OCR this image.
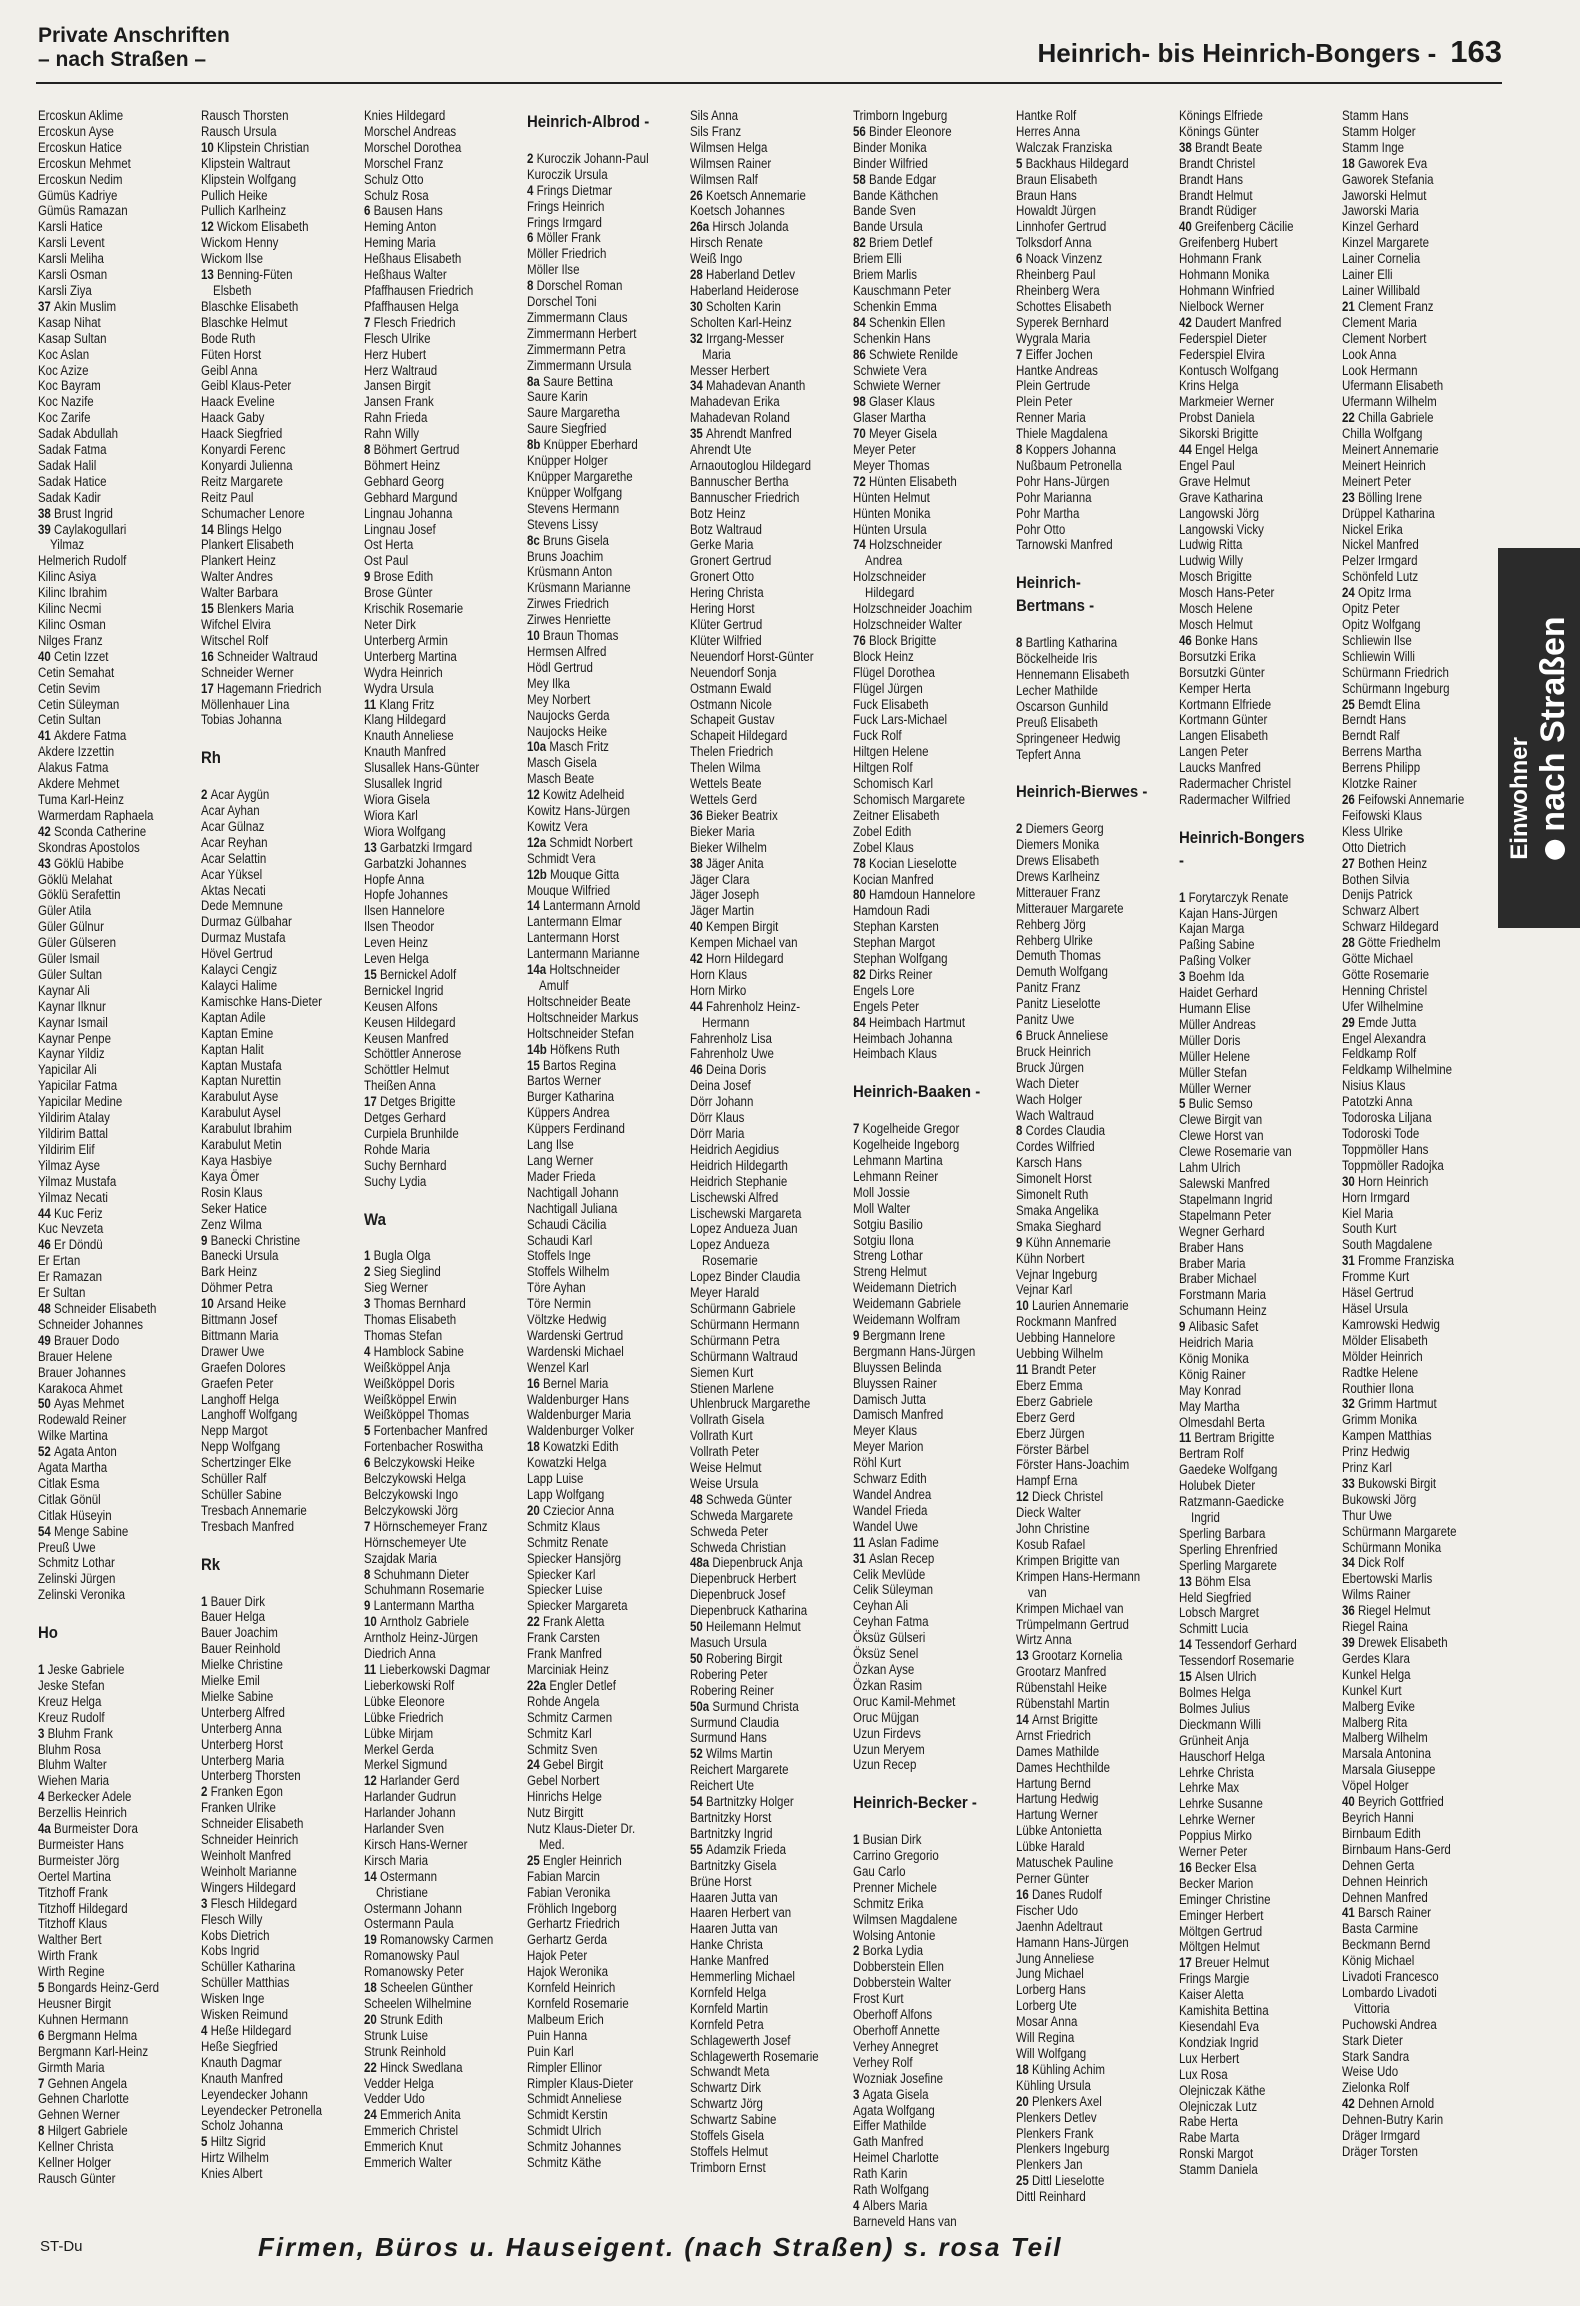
Private Anschriften
– nach Straßen –	Heinrich- bis Heinrich-Bongers - 163
Ercoskun Aklime
Ercoskun Ayse
Ercoskun Hatice
Ercoskun Mehmet
Ercoskun Nedim
Gümüs Kadriye
Gümüs Ramazan
Karsli Hatice
Karsli Levent
Karsli Meliha
Karsli Osman
Karsli Ziya
37 Akin Muslim
Kasap Nihat
Kasap Sultan
Koc Aslan
Koc Azize
Koc Bayram
Koc Nazife
Koc Zarife
Sadak Abdullah
Sadak Fatma
Sadak Halil
Sadak Hatice
Sadak Kadir
38 Brust Ingrid
39 Caylakogullari
Yilmaz
Helmerich Rudolf
Kilinc Asiya
Kilinc Ibrahim
Kilinc Necmi
Kilinc Osman
Nilges Franz
40 Cetin Izzet
Cetin Semahat
Cetin Sevim
Cetin Süleyman
Cetin Sultan
41 Akdere Fatma
Akdere Izzettin
Alakus Fatma
Akdere Mehmet
Tuma Karl-Heinz
Warmerdam Raphaela
42 Sconda Catherine
Skondras Apostolos
43 Göklü Habibe
Göklü Melahat
Göklü Serafettin
Güler Atila
Güler Gülnur
Güler Gülseren
Güler Ismail
Güler Sultan
Kaynar Ali
Kaynar Ilknur
Kaynar Ismail
Kaynar Penpe
Kaynar Yildiz
Yapicilar Ali
Yapicilar Fatma
Yapicilar Medine
Yildirim Atalay
Yildirim Battal
Yildirim Elif
Yilmaz Ayse
Yilmaz Mustafa
Yilmaz Necati
44 Kuc Feriz
Kuc Nevzeta
46 Er Döndü
Er Ertan
Er Ramazan
Er Sultan
48 Schneider Elisabeth
Schneider Johannes
49 Brauer Dodo
Brauer Helene
Brauer Johannes
Karakoca Ahmet
50 Ayas Mehmet
Rodewald Reiner
Wilke Martina
52 Agata Anton
Agata Martha
Citlak Esma
Citlak Gönül
Citlak Hüseyin
54 Menge Sabine
Preuß Uwe
Schmitz Lothar
Zelinski Jürgen
Zelinski Veronika
Ho
1 Jeske Gabriele
Jeske Stefan
Kreuz Helga
Kreuz Rudolf
3 Bluhm Frank
Bluhm Rosa
Bluhm Walter
Wiehen Maria
4 Berkecker Adele
Berzellis Heinrich
4a Burmeister Dora
Burmeister Hans
Burmeister Jörg
Oertel Martina
Titzhoff Frank
Titzhoff Hildegard
Titzhoff Klaus
Walther Bert
Wirth Frank
Wirth Regine
5 Bongards Heinz-Gerd
Heusner Birgit
Kuhnen Hermann
6 Bergmann Helma
Bergmann Karl-Heinz
Girmth Maria
7 Gehnen Angela
Gehnen Charlotte
Gehnen Werner
8 Hilgert Gabriele
Kellner Christa
Kellner Holger
Rausch Günter
Rausch Thorsten
Rausch Ursula
10 Klipstein Christian
Klipstein Waltraut
Klipstein Wolfgang
Pullich Heike
Pullich Karlheinz
12 Wickom Elisabeth
Wickom Henny
Wickom Ilse
13 Benning-Füten
Elsbeth
Blaschke Elisabeth
Blaschke Helmut
Bode Ruth
Füten Horst
Geibl Anna
Geibl Klaus-Peter
Haack Eveline
Haack Gaby
Haack Siegfried
Konyardi Ferenc
Konyardi Julienna
Reitz Margarete
Reitz Paul
Schumacher Lenore
14 Blings Helgo
Plankert Elisabeth
Plankert Heinz
Walter Andres
Walter Barbara
15 Blenkers Maria
Wifchel Elvira
Witschel Rolf
16 Schneider Waltraud
Schneider Werner
17 Hagemann Friedrich
Möllenhauer Lina
Tobias Johanna
Rh
2 Acar Aygün
Acar Ayhan
Acar Gülnaz
Acar Reyhan
Acar Selattin
Acar Yüksel
Aktas Necati
Dede Memnune
Durmaz Gülbahar
Durmaz Mustafa
Hövel Gertrud
Kalayci Cengiz
Kalayci Halime
Kamischke Hans-Dieter
Kaptan Adile
Kaptan Emine
Kaptan Halit
Kaptan Mustafa
Kaptan Nurettin
Karabulut Ayse
Karabulut Aysel
Karabulut Ibrahim
Karabulut Metin
Kaya Hasbiye
Kaya Ömer
Rosin Klaus
Seker Hatice
Zenz Wilma
9 Banecki Christine
Banecki Ursula
Bark Heinz
Döhmer Petra
10 Arsand Heike
Bittmann Josef
Bittmann Maria
Drawer Uwe
Graefen Dolores
Graefen Peter
Langhoff Helga
Langhoff Wolfgang
Nepp Margot
Nepp Wolfgang
Schertzinger Elke
Schüller Ralf
Schüller Sabine
Tresbach Annemarie
Tresbach Manfred
Rk
1 Bauer Dirk
Bauer Helga
Bauer Joachim
Bauer Reinhold
Mielke Christine
Mielke Emil
Mielke Sabine
Unterberg Alfred
Unterberg Anna
Unterberg Horst
Unterberg Maria
Unterberg Thorsten
2 Franken Egon
Franken Ulrike
Schneider Elisabeth
Schneider Heinrich
Weinholt Manfred
Weinholt Marianne
Wingers Hildegard
3 Flesch Hildegard
Flesch Willy
Kobs Dietrich
Kobs Ingrid
Schüller Katharina
Schüller Matthias
Wisken Inge
Wisken Reimund
4 Heße Hildegard
Heße Siegfried
Knauth Dagmar
Knauth Manfred
Leyendecker Johann
Leyendecker Petronella
Scholz Johanna
5 Hiltz Sigrid
Hirtz Wilhelm
Knies Albert
Knies Hildegard
Morschel Andreas
Morschel Dorothea
Morschel Franz
Schulz Otto
Schulz Rosa
6 Bausen Hans
Heming Anton
Heming Maria
Heßhaus Elisabeth
Heßhaus Walter
Pfaffhausen Friedrich
Pfaffhausen Helga
7 Flesch Friedrich
Flesch Ulrike
Herz Hubert
Herz Waltraud
Jansen Birgit
Jansen Frank
Rahn Frieda
Rahn Willy
8 Böhmert Gertrud
Böhmert Heinz
Gebhard Georg
Gebhard Margund
Lingnau Johanna
Lingnau Josef
Ost Herta
Ost Paul
9 Brose Edith
Brose Günter
Krischik Rosemarie
Neter Dirk
Unterberg Armin
Unterberg Martina
Wydra Heinrich
Wydra Ursula
11 Klang Fritz
Klang Hildegard
Knauth Anneliese
Knauth Manfred
Slusallek Hans-Günter
Slusallek Ingrid
Wiora Gisela
Wiora Karl
Wiora Wolfgang
13 Garbatzki Irmgard
Garbatzki Johannes
Hopfe Anna
Hopfe Johannes
Ilsen Hannelore
Ilsen Theodor
Leven Heinz
Leven Helga
15 Bernickel Adolf
Bernickel Ingrid
Keusen Alfons
Keusen Hildegard
Keusen Manfred
Schöttler Annerose
Schöttler Helmut
Theißen Anna
17 Detges Brigitte
Detges Gerhard
Curpiela Brunhilde
Rohde Maria
Suchy Bernhard
Suchy Lydia
Wa
1 Bugla Olga
2 Sieg Sieglind
Sieg Werner
3 Thomas Bernhard
Thomas Elisabeth
Thomas Stefan
4 Hamblock Sabine
Weißköppel Anja
Weißköppel Doris
Weißköppel Erwin
Weißköppel Thomas
5 Fortenbacher Manfred
Fortenbacher Roswitha
6 Belczykowski Heike
Belczykowski Helga
Belczykowski Ingo
Belczykowski Jörg
7 Hörnschemeyer Franz
Hörnschemeyer Ute
Szajdak Maria
8 Schuhmann Dieter
Schuhmann Rosemarie
9 Lantermann Martha
10 Arntholz Gabriele
Arntholz Heinz-Jürgen
Diedrich Anna
11 Lieberkowski Dagmar
Lieberkowski Rolf
Lübke Eleonore
Lübke Friedrich
Lübke Mirjam
Merkel Gerda
Merkel Sigmund
12 Harlander Gerd
Harlander Gudrun
Harlander Johann
Harlander Sven
Kirsch Hans-Werner
Kirsch Maria
14 Ostermann
Christiane
Ostermann Johann
Ostermann Paula
19 Romanowsky Carmen
Romanowsky Paul
Romanowsky Peter
18 Scheelen Günther
Scheelen Wilhelmine
20 Strunk Edith
Strunk Luise
Strunk Reinhold
22 Hinck Swedlana
Vedder Helga
Vedder Udo
24 Emmerich Anita
Emmerich Christel
Emmerich Knut
Emmerich Walter
Heinrich-Albrod -
2 Kuroczik Johann-Paul
Kuroczik Ursula
4 Frings Dietmar
Frings Heinrich
Frings Irmgard
6 Möller Frank
Möller Friedrich
Möller Ilse
8 Dorschel Roman
Dorschel Toni
Zimmermann Claus
Zimmermann Herbert
Zimmermann Petra
Zimmermann Ursula
8a Saure Bettina
Saure Karin
Saure Margaretha
Saure Siegfried
8b Knüpper Eberhard
Knüpper Holger
Knüpper Margarethe
Knüpper Wolfgang
Stevens Hermann
Stevens Lissy
8c Bruns Gisela
Bruns Joachim
Krüsmann Anton
Krüsmann Marianne
Zirwes Friedrich
Zirwes Henriette
10 Braun Thomas
Hermsen Alfred
Hödl Gertrud
Mey Ilka
Mey Norbert
Naujocks Gerda
Naujocks Heike
10a Masch Fritz
Masch Gisela
Masch Beate
12 Kowitz Adelheid
Kowitz Hans-Jürgen
Kowitz Vera
12a Schmidt Norbert
Schmidt Vera
12b Mouque Gitta
Mouque Wilfried
14 Lantermann Arnold
Lantermann Elmar
Lantermann Horst
Lantermann Marianne
14a Holtschneider
Amulf
Holtschneider Beate
Holtschneider Markus
Holtschneider Stefan
14b Höfkens Ruth
15 Bartos Regina
Bartos Werner
Burger Katharina
Küppers Andrea
Küppers Ferdinand
Lang Ilse
Lang Werner
Mader Frieda
Nachtigall Johann
Nachtigall Juliana
Schaudi Cäcilia
Schaudi Karl
Stoffels Inge
Stoffels Wilhelm
Töre Ayhan
Töre Nermin
Völtzke Hedwig
Wardenski Gertrud
Wardenski Michael
Wenzel Karl
16 Bernel Maria
Waldenburger Hans
Waldenburger Maria
Waldenburger Volker
18 Kowatzki Edith
Kowatzki Helga
Lapp Luise
Lapp Wolfgang
20 Cziecior Anna
Schmitz Klaus
Schmitz Renate
Spiecker Hansjörg
Spiecker Karl
Spiecker Luise
Spiecker Margareta
22 Frank Aletta
Frank Carsten
Frank Manfred
Marciniak Heinz
22a Engler Detlef
Rohde Angela
Schmitz Carmen
Schmitz Karl
Schmitz Sven
24 Gebel Birgit
Gebel Norbert
Hinrichs Helge
Nutz Birgitt
Nutz Klaus-Dieter Dr.
Med.
25 Engler Heinrich
Fabian Marcin
Fabian Veronika
Fröhlich Ingeborg
Gerhartz Friedrich
Gerhartz Gerda
Hajok Peter
Hajok Weronika
Kornfeld Heinrich
Kornfeld Rosemarie
Malbeum Erich
Puin Hanna
Puin Karl
Rimpler Ellinor
Rimpler Klaus-Dieter
Schmidt Anneliese
Schmidt Kerstin
Schmidt Ulrich
Schmitz Johannes
Schmitz Käthe
Sils Anna
Sils Franz
Wilmsen Helga
Wilmsen Rainer
Wilmsen Ralf
26 Koetsch Annemarie
Koetsch Johannes
26a Hirsch Jolanda
Hirsch Renate
Weiß Ingo
28 Haberland Detlev
Haberland Heiderose
30 Scholten Karin
Scholten Karl-Heinz
32 Irrgang-Messer
Maria
Messer Herbert
34 Mahadevan Ananth
Mahadevan Erika
Mahadevan Roland
35 Ahrendt Manfred
Ahrendt Ute
Arnaoutoglou Hildegard
Bannuscher Bertha
Bannuscher Friedrich
Botz Heinz
Botz Waltraud
Gerke Maria
Gronert Gertrud
Gronert Otto
Hering Christa
Hering Horst
Klüter Gertrud
Klüter Wilfried
Neuendorf Horst-Günter
Neuendorf Sonja
Ostmann Ewald
Ostmann Nicole
Schapeit Gustav
Schapeit Hildegard
Thelen Friedrich
Thelen Wilma
Wettels Beate
Wettels Gerd
36 Bieker Beatrix
Bieker Maria
Bieker Wilhelm
38 Jäger Anita
Jäger Clara
Jäger Joseph
Jäger Martin
40 Kempen Birgit
Kempen Michael van
42 Horn Hildegard
Horn Klaus
Horn Mirko
44 Fahrenholz Heinz-
Hermann
Fahrenholz Lisa
Fahrenholz Uwe
46 Deina Doris
Deina Josef
Dörr Johann
Dörr Klaus
Dörr Maria
Heidrich Aegidius
Heidrich Hildegarth
Heidrich Stephanie
Lischewski Alfred
Lischewski Margareta
Lopez Andueza Juan
Lopez Andueza
Rosemarie
Lopez Binder Claudia
Meyer Harald
Schürmann Gabriele
Schürmann Hermann
Schürmann Petra
Schürmann Waltraud
Siemen Kurt
Stienen Marlene
Uhlenbruck Margarethe
Vollrath Gisela
Vollrath Kurt
Vollrath Peter
Weise Helmut
Weise Ursula
48 Schweda Günter
Schweda Margarete
Schweda Peter
Schweda Christian
48a Diepenbruck Anja
Diepenbruck Herbert
Diepenbruck Josef
Diepenbruck Katharina
50 Heilemann Helmut
Masuch Ursula
50 Robering Birgit
Robering Peter
Robering Reiner
50a Surmund Christa
Surmund Claudia
Surmund Hans
52 Wilms Martin
Reichert Margarete
Reichert Ute
54 Bartnitzky Holger
Bartnitzky Horst
Bartnitzky Ingrid
55 Adamzik Frieda
Bartnitzky Gisela
Brüne Horst
Haaren Jutta van
Haaren Herbert van
Haaren Jutta van
Hanke Christa
Hanke Manfred
Hemmerling Michael
Kornfeld Helga
Kornfeld Martin
Kornfeld Petra
Schlagewerth Josef
Schlagewerth Rosemarie
Schwandt Meta
Schwartz Dirk
Schwartz Jörg
Schwartz Sabine
Stoffels Gisela
Stoffels Helmut
Trimborn Ernst
Trimborn Ingeburg
56 Binder Eleonore
Binder Monika
Binder Wilfried
58 Bande Edgar
Bande Käthchen
Bande Sven
Bande Ursula
82 Briem Detlef
Briem Elli
Briem Marlis
Kauschmann Peter
Schenkin Emma
84 Schenkin Ellen
Schenkin Hans
86 Schwiete Renilde
Schwiete Vera
Schwiete Werner
98 Glaser Klaus
Glaser Martha
70 Meyer Gisela
Meyer Peter
Meyer Thomas
72 Hünten Elisabeth
Hünten Helmut
Hünten Monika
Hünten Ursula
74 Holzschneider
Andrea
Holzschneider
Hildegard
Holzschneider Joachim
Holzschneider Walter
76 Block Brigitte
Block Heinz
Flügel Dorothea
Flügel Jürgen
Fuck Elisabeth
Fuck Lars-Michael
Fuck Rolf
Hiltgen Helene
Hiltgen Rolf
Schomisch Karl
Schomisch Margarete
Zeitner Elisabeth
Zobel Edith
Zobel Klaus
78 Kocian Lieselotte
Kocian Manfred
80 Hamdoun Hannelore
Hamdoun Radi
Stephan Karsten
Stephan Margot
Stephan Wolfgang
82 Dirks Reiner
Engels Lore
Engels Peter
84 Heimbach Hartmut
Heimbach Johanna
Heimbach Klaus
Heinrich-Baaken -
7 Kogelheide Gregor
Kogelheide Ingeborg
Lehmann Martina
Lehmann Reiner
Moll Jossie
Moll Walter
Sotgiu Basilio
Sotgiu Ilona
Streng Lothar
Streng Helmut
Weidemann Dietrich
Weidemann Gabriele
Weidemann Wolfram
9 Bergmann Irene
Bergmann Hans-Jürgen
Bluyssen Belinda
Bluyssen Rainer
Damisch Jutta
Damisch Manfred
Meyer Klaus
Meyer Marion
Röhl Kurt
Schwarz Edith
Wandel Andrea
Wandel Frieda
Wandel Uwe
11 Aslan Fadime
31 Aslan Recep
Celik Mevlüde
Celik Süleyman
Ceyhan Ali
Ceyhan Fatma
Öksüz Gülseri
Öksüz Senel
Özkan Ayse
Özkan Rasim
Oruc Kamil-Mehmet
Oruc Müjgan
Uzun Firdevs
Uzun Meryem
Uzun Recep
Heinrich-Becker -
1 Busian Dirk
Carrino Gregorio
Gau Carlo
Prenner Michele
Schmitz Erika
Wilmsen Magdalene
Wolsing Antonie
2 Borka Lydia
Dobberstein Ellen
Dobberstein Walter
Frost Kurt
Oberhoff Alfons
Oberhoff Annette
Verhey Annegret
Verhey Rolf
Wozniak Josefine
3 Agata Gisela
Agata Wolfgang
Eiffer Mathilde
Gath Manfred
Heimel Charlotte
Rath Karin
Rath Wolfgang
4 Albers Maria
Barneveld Hans van
Hantke Rolf
Herres Anna
Walczak Franziska
5 Backhaus Hildegard
Braun Elisabeth
Braun Hans
Howaldt Jürgen
Linnhofer Gertrud
Tolksdorf Anna
6 Noack Vinzenz
Rheinberg Paul
Rheinberg Wera
Schottes Elisabeth
Syperek Bernhard
Wygrala Maria
7 Eiffer Jochen
Hantke Andreas
Plein Gertrude
Plein Peter
Renner Maria
Thiele Magdalena
8 Koppers Johanna
Nußbaum Petronella
Pohr Hans-Jürgen
Pohr Marianna
Pohr Martha
Pohr Otto
Tarnowski Manfred
Heinrich-
Bertmans -
8 Bartling Katharina
Böckelheide Iris
Hennemann Elisabeth
Lecher Mathilde
Oscarson Gunhild
Preuß Elisabeth
Springeneer Hedwig
Tepfert Anna
Heinrich-Bierwes -
2 Diemers Georg
Diemers Monika
Drews Elisabeth
Drews Karlheinz
Mitterauer Franz
Mitterauer Margarete
Rehberg Jörg
Rehberg Ulrike
Demuth Thomas
Demuth Wolfgang
Panitz Franz
Panitz Lieselotte
Panitz Uwe
6 Bruck Anneliese
Bruck Heinrich
Bruck Jürgen
Wach Dieter
Wach Holger
Wach Waltraud
8 Cordes Claudia
Cordes Wilfried
Karsch Hans
Simonelt Horst
Simonelt Ruth
Smaka Angelika
Smaka Sieghard
9 Kühn Annemarie
Kühn Norbert
Vejnar Ingeburg
Vejnar Karl
10 Laurien Annemarie
Rockmann Manfred
Uebbing Hannelore
Uebbing Wilhelm
11 Brandt Peter
Eberz Emma
Eberz Gabriele
Eberz Gerd
Eberz Jürgen
Förster Bärbel
Förster Hans-Joachim
Hampf Erna
12 Dieck Christel
Dieck Walter
John Christine
Kosub Rafael
Krimpen Brigitte van
Krimpen Hans-Hermann
van
Krimpen Michael van
Trümpelmann Gertrud
Wirtz Anna
13 Grootarz Kornelia
Grootarz Manfred
Rübenstahl Heike
Rübenstahl Martin
14 Arnst Brigitte
Arnst Friedrich
Dames Mathilde
Dames Hechthilde
Hartung Bernd
Hartung Hedwig
Hartung Werner
Lübke Antonietta
Lübke Harald
Matuschek Pauline
Perner Günter
16 Danes Rudolf
Fischer Udo
Jaenhn Adeltraut
Hamann Hans-Jürgen
Jung Anneliese
Jung Michael
Lorberg Hans
Lorberg Ute
Mosar Anna
Will Regina
Will Wolfgang
18 Kühling Achim
Kühling Ursula
20 Plenkers Axel
Plenkers Detlev
Plenkers Frank
Plenkers Ingeburg
Plenkers Jan
25 Dittl Lieselotte
Dittl Reinhard
Könings Elfriede
Könings Günter
38 Brandt Beate
Brandt Christel
Brandt Hans
Brandt Helmut
Brandt Rüdiger
40 Greifenberg Cäcilie
Greifenberg Hubert
Hohmann Frank
Hohmann Monika
Hohmann Winfried
Nielbock Werner
42 Daudert Manfred
Federspiel Dieter
Federspiel Elvira
Kontusch Wolfgang
Krins Helga
Markmeier Werner
Probst Daniela
Sikorski Brigitte
44 Engel Helga
Engel Paul
Grave Helmut
Grave Katharina
Langowski Jörg
Langowski Vicky
Ludwig Ritta
Ludwig Willy
Mosch Brigitte
Mosch Hans-Peter
Mosch Helene
Mosch Helmut
46 Bonke Hans
Borsutzki Erika
Borsutzki Günter
Kemper Herta
Kortmann Elfriede
Kortmann Günter
Langen Elisabeth
Langen Peter
Laucks Manfred
Radermacher Christel
Radermacher Wilfried
Heinrich-Bongers
-
1 Forytarczyk Renate
Kajan Hans-Jürgen
Kajan Marga
Paßing Sabine
Paßing Volker
3 Boehm Ida
Haidet Gerhard
Humann Elise
Müller Andreas
Müller Doris
Müller Helene
Müller Stefan
Müller Werner
5 Bulic Semso
Clewe Birgit van
Clewe Horst van
Clewe Rosemarie van
Lahm Ulrich
Salewski Manfred
Stapelmann Ingrid
Stapelmann Peter
Wegner Gerhard
Braber Hans
Braber Maria
Braber Michael
Forstmann Maria
Schumann Heinz
9 Alibasic Safet
Heidrich Maria
König Monika
König Rainer
May Konrad
May Martha
Olmesdahl Berta
11 Bertram Brigitte
Bertram Rolf
Gaedeke Wolfgang
Holubek Dieter
Ratzmann-Gaedicke
Ingrid
Sperling Barbara
Sperling Ehrenfried
Sperling Margarete
13 Böhm Elsa
Held Siegfried
Lobsch Margret
Schmitt Lucia
14 Tessendorf Gerhard
Tessendorf Rosemarie
15 Alsen Ulrich
Bolmes Helga
Bolmes Julius
Dieckmann Willi
Grünheit Anja
Hauschorf Helga
Lehrke Christa
Lehrke Max
Lehrke Susanne
Lehrke Werner
Poppius Mirko
Werner Peter
16 Becker Elsa
Becker Marion
Eminger Christine
Eminger Herbert
Möltgen Gertrud
Möltgen Helmut
17 Breuer Helmut
Frings Margie
Kaiser Aletta
Kamishita Bettina
Kiesendahl Eva
Kondziak Ingrid
Lux Herbert
Lux Rosa
Olejniczak Käthe
Olejniczak Lutz
Rabe Herta
Rabe Marta
Ronski Margot
Stamm Daniela
Stamm Hans
Stamm Holger
Stamm Inge
18 Gaworek Eva
Gaworek Stefania
Jaworski Helmut
Jaworski Maria
Kinzel Gerhard
Kinzel Margarete
Lainer Cornelia
Lainer Elli
Lainer Willibald
21 Clement Franz
Clement Maria
Clement Norbert
Look Anna
Look Hermann
Ufermann Elisabeth
Ufermann Wilhelm
22 Chilla Gabriele
Chilla Wolfgang
Meinert Annemarie
Meinert Heinrich
Meinert Peter
23 Bölling Irene
Drüppel Katharina
Nickel Erika
Nickel Manfred
Pelzer Irmgard
Schönfeld Lutz
24 Opitz Irma
Opitz Peter
Opitz Wolfgang
Schliewin Ilse
Schliewin Willi
Schürmann Friedrich
Schürmann Ingeburg
25 Bemdt Elina
Berndt Hans
Berndt Ralf
Berrens Martha
Berrens Philipp
Klotzke Rainer
26 Feifowski Annemarie
Feifowski Klaus
Kless Ulrike
Otto Dietrich
27 Bothen Heinz
Bothen Silvia
Denijs Patrick
Schwarz Albert
Schwarz Hildegard
28 Götte Friedhelm
Götte Michael
Götte Rosemarie
Henning Christel
Ufer Wilhelmine
29 Emde Jutta
Engel Alexandra
Feldkamp Rolf
Feldkamp Wilhelmine
Nisius Klaus
Patotzki Anna
Todoroska Liljana
Todoroski Tode
Toppmöller Hans
Toppmöller Radojka
30 Horn Heinrich
Horn Irmgard
Kiel Maria
South Kurt
South Magdalene
31 Fromme Franziska
Fromme Kurt
Häsel Gertrud
Häsel Ursula
Kamrowski Hedwig
Mölder Elisabeth
Mölder Heinrich
Radtke Helene
Routhier Ilona
32 Grimm Hartmut
Grimm Monika
Kampen Matthias
Prinz Hedwig
Prinz Karl
33 Bukowski Birgit
Bukowski Jörg
Thur Uwe
Schürmann Margarete
Schürmann Monika
34 Dick Rolf
Ebertowski Marlis
Wilms Rainer
36 Riegel Helmut
Riegel Raina
39 Drewek Elisabeth
Gerdes Klara
Kunkel Helga
Kunkel Kurt
Malberg Evike
Malberg Rita
Malberg Wilhelm
Marsala Antonina
Marsala Giuseppe
Vöpel Holger
40 Beyrich Gottfried
Beyrich Hanni
Birnbaum Edith
Birnbaum Hans-Gerd
Dehnen Gerta
Dehnen Heinrich
Dehnen Manfred
41 Barsch Rainer
Basta Carmine
Beckmann Bernd
König Michael
Livadoti Francesco
Lombardo Livadoti
Vittoria
Puchowski Andrea
Stark Dieter
Stark Sandra
Weise Udo
Zielonka Rolf
42 Dehnen Arnold
Dehnen-Butry Karin
Dräger Irmgard
Dräger Torsten
Einwohner nach Straßen
ST-Du	Firmen, Büros u. Hauseigent. (nach Straßen) s. rosa Teil
